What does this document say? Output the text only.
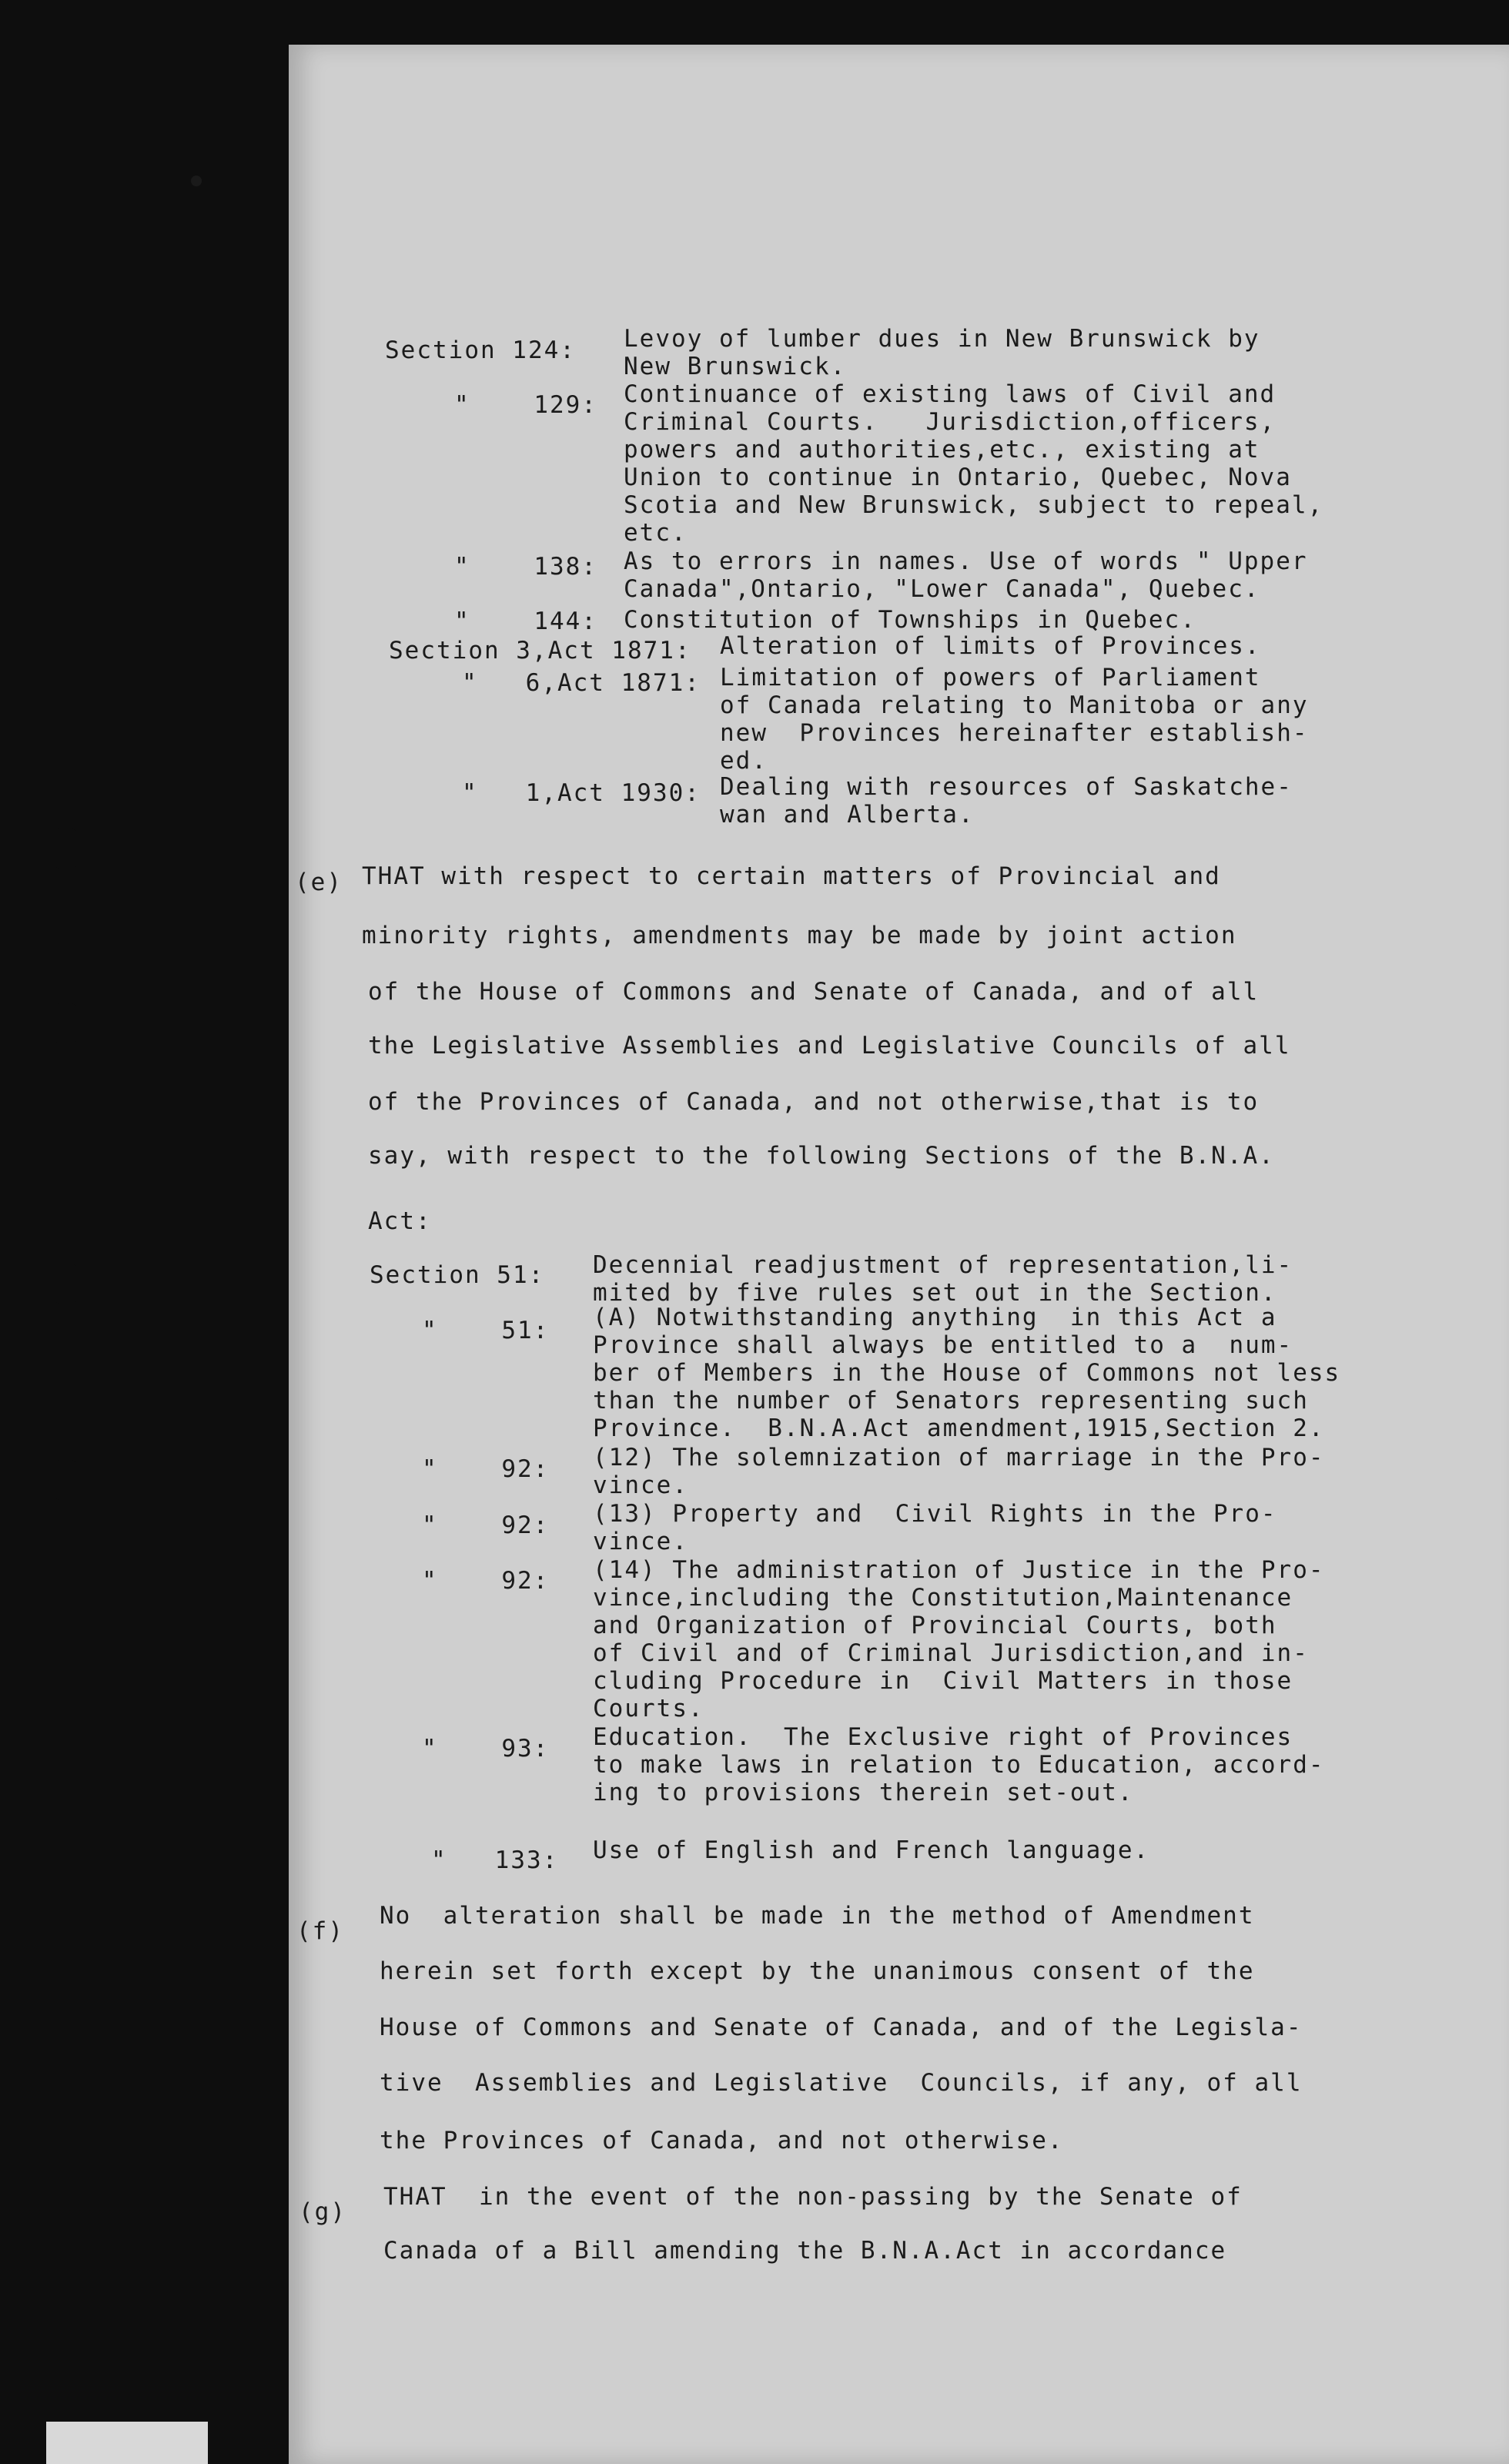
Section 124: Levoy of lumber dues in New Brunswick by
New Brunswick.
"    129: Continuance of existing laws of Civil and
Criminal Courts.   Jurisdiction,officers,
powers and authorities,etc., existing at
Union to continue in Ontario, Quebec, Nova
Scotia and New Brunswick, subject to repeal,
etc.
"    138: As to errors in names. Use of words " Upper
Canada",Ontario, "Lower Canada", Quebec.
"    144: Constitution of Townships in Quebec.
Section 3,Act 1871: Alteration of limits of Provinces.
"   6,Act 1871: Limitation of powers of Parliament
of Canada relating to Manitoba or any
new  Provinces hereinafter establish-
ed.
"   1,Act 1930: Dealing with resources of Saskatche-
wan and Alberta.
(e) THAT with respect to certain matters of Provincial and
minority rights, amendments may be made by joint action
of the House of Commons and Senate of Canada, and of all
the Legislative Assemblies and Legislative Councils of all
of the Provinces of Canada, and not otherwise,that is to
say, with respect to the following Sections of the B.N.A.
Act:
Section 51: Decennial readjustment of representation,li-
mited by five rules set out in the Section.
"    51: (A) Notwithstanding anything  in this Act a
Province shall always be entitled to a  num-
ber of Members in the House of Commons not less
than the number of Senators representing such
Province.  B.N.A.Act amendment,1915,Section 2.
"    92: (12) The solemnization of marriage in the Pro-
vince.
"    92: (13) Property and  Civil Rights in the Pro-
vince.
"    92: (14) The administration of Justice in the Pro-
vince,including the Constitution,Maintenance
and Organization of Provincial Courts, both
of Civil and of Criminal Jurisdiction,and in-
cluding Procedure in  Civil Matters in those
Courts.
"    93: Education.  The Exclusive right of Provinces
to make laws in relation to Education, accord-
ing to provisions therein set-out.
"   133: Use of English and French language.
(f)
No  alteration shall be made in the method of Amendment
herein set forth except by the unanimous consent of the
House of Commons and Senate of Canada, and of the Legisla-
tive  Assemblies and Legislative  Councils, if any, of all
the Provinces of Canada, and not otherwise.
(g)
THAT  in the event of the non-passing by the Senate of
Canada of a Bill amending the B.N.A.Act in accordance
